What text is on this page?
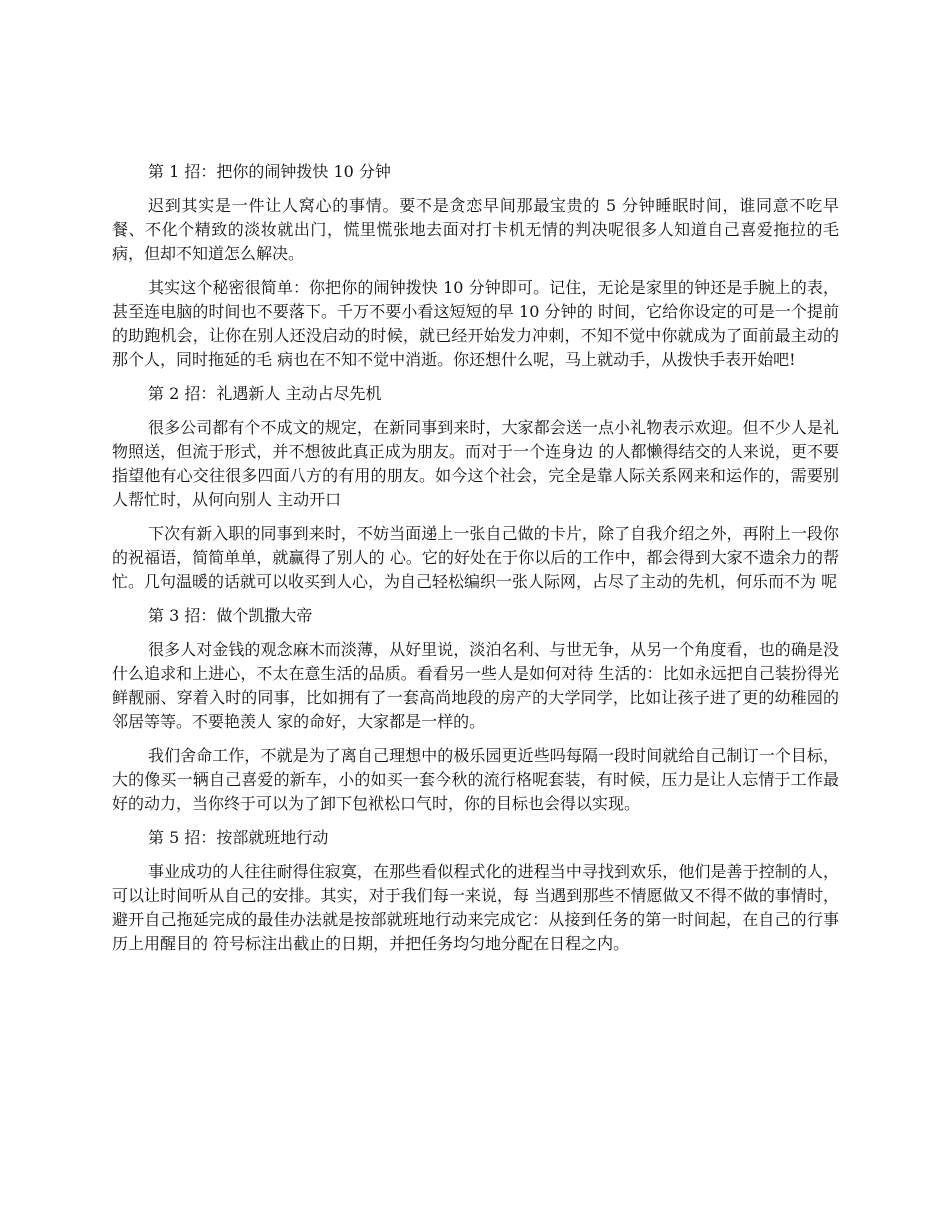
第 1 招：把你的闹钟拨快 10 分钟

迟到其实是一件让人窝心的事情。要不是贪恋早间那最宝贵的 5 分钟睡眠时间，谁同意不吃早餐、不化个精致的淡妆就出门，慌里慌张地去面对打卡机无情的判决呢很多人知道自己喜爱拖拉的毛病，但却不知道怎么解决。

其实这个秘密很简单：你把你的闹钟拨快 10 分钟即可。记住，无论是家里的钟还是手腕上的表，甚至连电脑的时间也不要落下。千万不要小看这短短的早 10 分钟的 时间，它给你设定的可是一个提前的助跑机会，让你在别人还没启动的时候，就已经开始发力冲刺，不知不觉中你就成为了面前最主动的那个人，同时拖延的毛 病也在不知不觉中消逝。你还想什么呢，马上就动手，从拨快手表开始吧!

第 2 招：礼遇新人 主动占尽先机

很多公司都有个不成文的规定，在新同事到来时，大家都会送一点小礼物表示欢迎。但不少人是礼物照送，但流于形式，并不想彼此真正成为朋友。而对于一个连身边 的人都懒得结交的人来说，更不要指望他有心交往很多四面八方的有用的朋友。如今这个社会，完全是靠人际关系网来和运作的，需要别人帮忙时，从何向别人 主动开口

下次有新入职的同事到来时，不妨当面递上一张自己做的卡片，除了自我介绍之外，再附上一段你的祝福语，简简单单，就赢得了别人的 心。它的好处在于你以后的工作中，都会得到大家不遗余力的帮忙。几句温暖的话就可以收买到人心，为自己轻松编织一张人际网，占尽了主动的先机，何乐而不为 呢

第 3 招：做个凯撒大帝

很多人对金钱的观念麻木而淡薄，从好里说，淡泊名利、与世无争，从另一个角度看，也的确是没什么追求和上进心，不太在意生活的品质。看看另一些人是如何对待 生活的：比如永远把自己装扮得光鲜靓丽、穿着入时的同事，比如拥有了一套高尚地段的房产的大学同学，比如让孩子进了更的幼稚园的邻居等等。不要艳羡人 家的命好，大家都是一样的。

我们舍命工作，不就是为了离自己理想中的极乐园更近些吗每隔一段时间就给自己制订一个目标，大的像买一辆自己喜爱的新车，小的如买一套今秋的流行格呢套装，有时候，压力是让人忘情于工作最好的动力，当你终于可以为了卸下包袱松口气时，你的目标也会得以实现。

第 5 招：按部就班地行动

事业成功的人往往耐得住寂寞，在那些看似程式化的进程当中寻找到欢乐，他们是善于控制的人，可以让时间听从自己的安排。其实，对于我们每一来说，每 当遇到那些不情愿做又不得不做的事情时，避开自己拖延完成的最佳办法就是按部就班地行动来完成它：从接到任务的第一时间起，在自己的行事历上用醒目的 符号标注出截止的日期，并把任务均匀地分配在日程之内。
